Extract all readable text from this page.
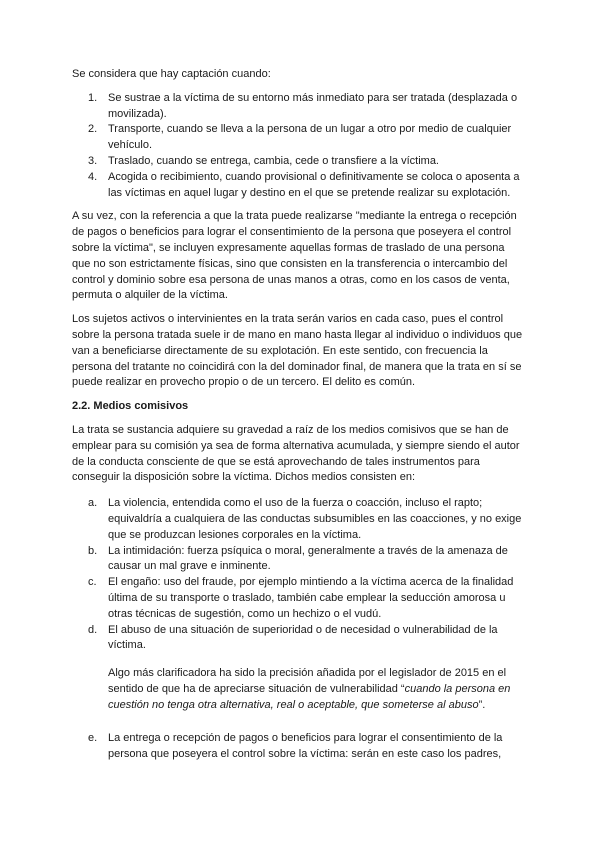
Se considera que hay captación cuando:
1. Se sustrae a la víctima de su entorno más inmediato para ser tratada (desplazada o
movilizada).
2. Transporte, cuando se lleva a la persona de un lugar a otro por medio de cualquier
vehículo.
3. Traslado, cuando se entrega, cambia, cede o transfiere a la víctima.
4. Acogida o recibimiento, cuando provisional o definitivamente se coloca o aposenta a
las víctimas en aquel lugar y destino en el que se pretende realizar su explotación.
A su vez, con la referencia a que la trata puede realizarse "mediante la entrega o recepción
de pagos o beneficios para lograr el consentimiento de la persona que poseyera el control
sobre la víctima", se incluyen expresamente aquellas formas de traslado de una persona
que no son estrictamente físicas, sino que consisten en la transferencia o intercambio del
control y dominio sobre esa persona de unas manos a otras, como en los casos de venta,
permuta o alquiler de la víctima.
Los sujetos activos o intervinientes en la trata serán varios en cada caso, pues el control
sobre la persona tratada suele ir de mano en mano hasta llegar al individuo o individuos que
van a beneficiarse directamente de su explotación. En este sentido, con frecuencia la
persona del tratante no coincidirá con la del dominador final, de manera que la trata en sí se
puede realizar en provecho propio o de un tercero. El delito es común.
2.2. Medios comisivos
La trata se sustancia adquiere su gravedad a raíz de los medios comisivos que se han de
emplear para su comisión ya sea de forma alternativa acumulada, y siempre siendo el autor
de la conducta consciente de que se está aprovechando de tales instrumentos para
conseguir la disposición sobre la víctima. Dichos medios consisten en:
a. La violencia, entendida como el uso de la fuerza o coacción, incluso el rapto;
equivaldría a cualquiera de las conductas subsumibles en las coacciones, y no exige
que se produzcan lesiones corporales en la víctima.
b. La intimidación: fuerza psíquica o moral, generalmente a través de la amenaza de
causar un mal grave e inminente.
c. El engaño: uso del fraude, por ejemplo mintiendo a la víctima acerca de la finalidad
última de su transporte o traslado, también cabe emplear la seducción amorosa u
otras técnicas de sugestión, como un hechizo o el vudú.
d. El abuso de una situación de superioridad o de necesidad o vulnerabilidad de la
víctima.
Algo más clarificadora ha sido la precisión añadida por el legislador de 2015 en el
sentido de que ha de apreciarse situación de vulnerabilidad “cuando la persona en
cuestión no tenga otra alternativa, real o aceptable, que someterse al abuso”.
e. La entrega o recepción de pagos o beneficios para lograr el consentimiento de la
persona que poseyera el control sobre la víctima: serán en este caso los padres,
